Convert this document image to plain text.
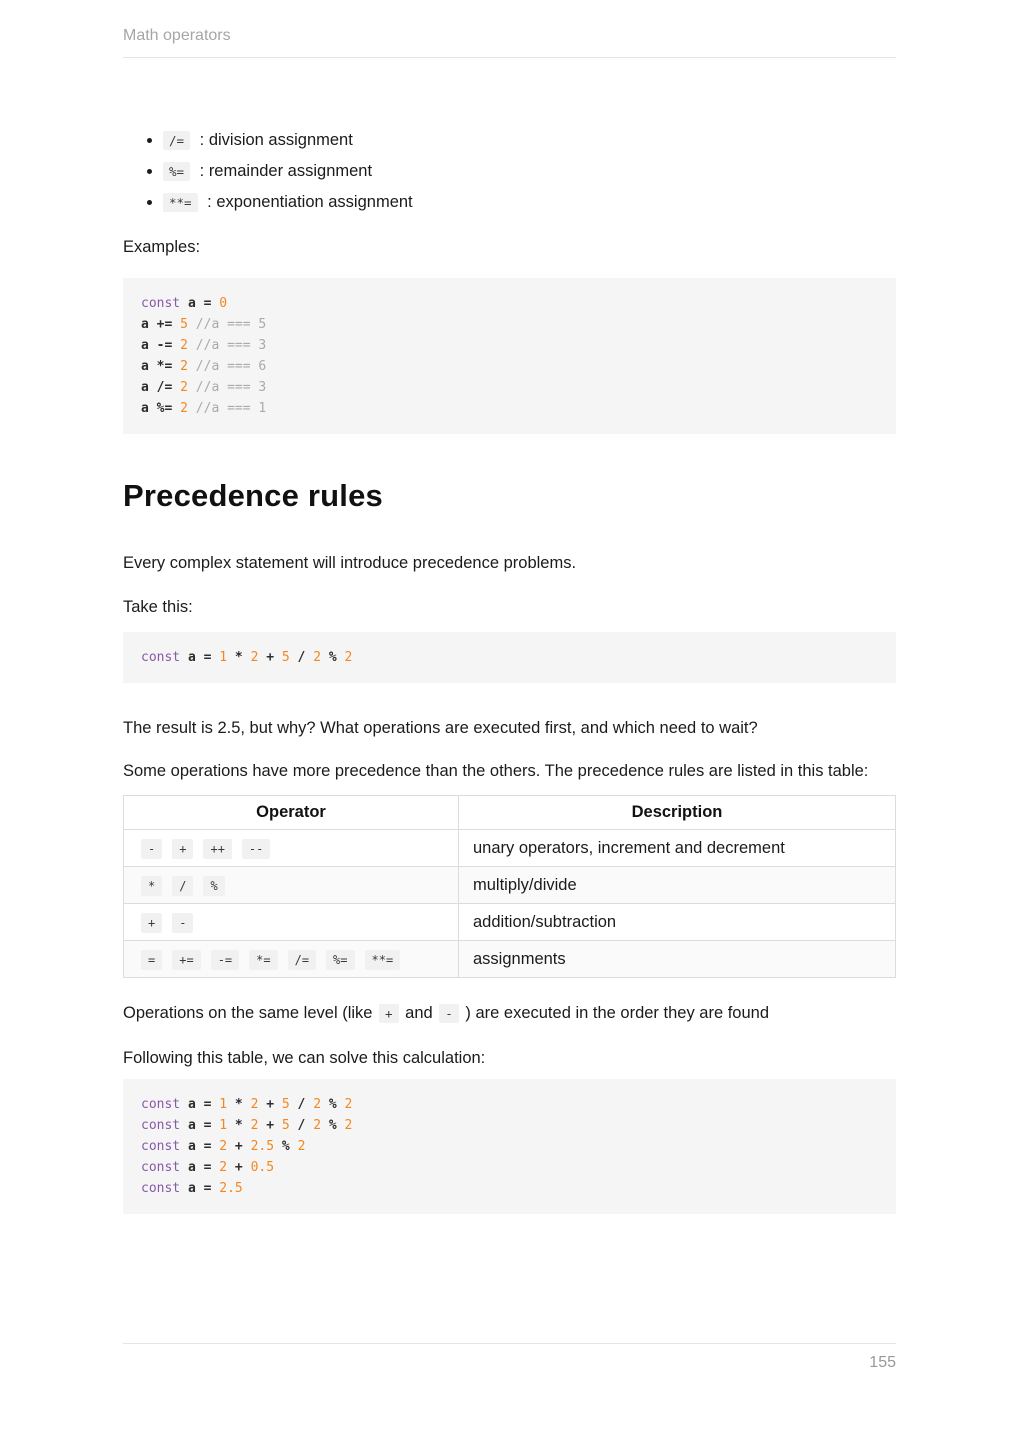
Math operators
• /= : division assignment
• %= : remainder assignment
• **= : exponentiation assignment

Examples:

const a = 0
a += 5 //a === 5
a -= 2 //a === 3
a *= 2 //a === 6
a /= 2 //a === 3
a %= 2 //a === 1
Precedence rules

Every complex statement will introduce precedence problems.

Take this:

const a = 1 * 2 + 5 / 2 % 2

The result is 2.5, but why? What operations are executed first, and which need to wait?

Some operations have more precedence than the others. The precedence rules are listed in this table:

Operator	Description
- + ++ --	unary operators, increment and decrement
* / %	multiply/divide
+ -	addition/subtraction
= += -= *= /= %= **=	assignments

Operations on the same level (like + and - ) are executed in the order they are found

Following this table, we can solve this calculation:

const a = 1 * 2 + 5 / 2 % 2
const a = 1 * 2 + 5 / 2 % 2
const a = 2 + 2.5 % 2
const a = 2 + 0.5
const a = 2.5
155
